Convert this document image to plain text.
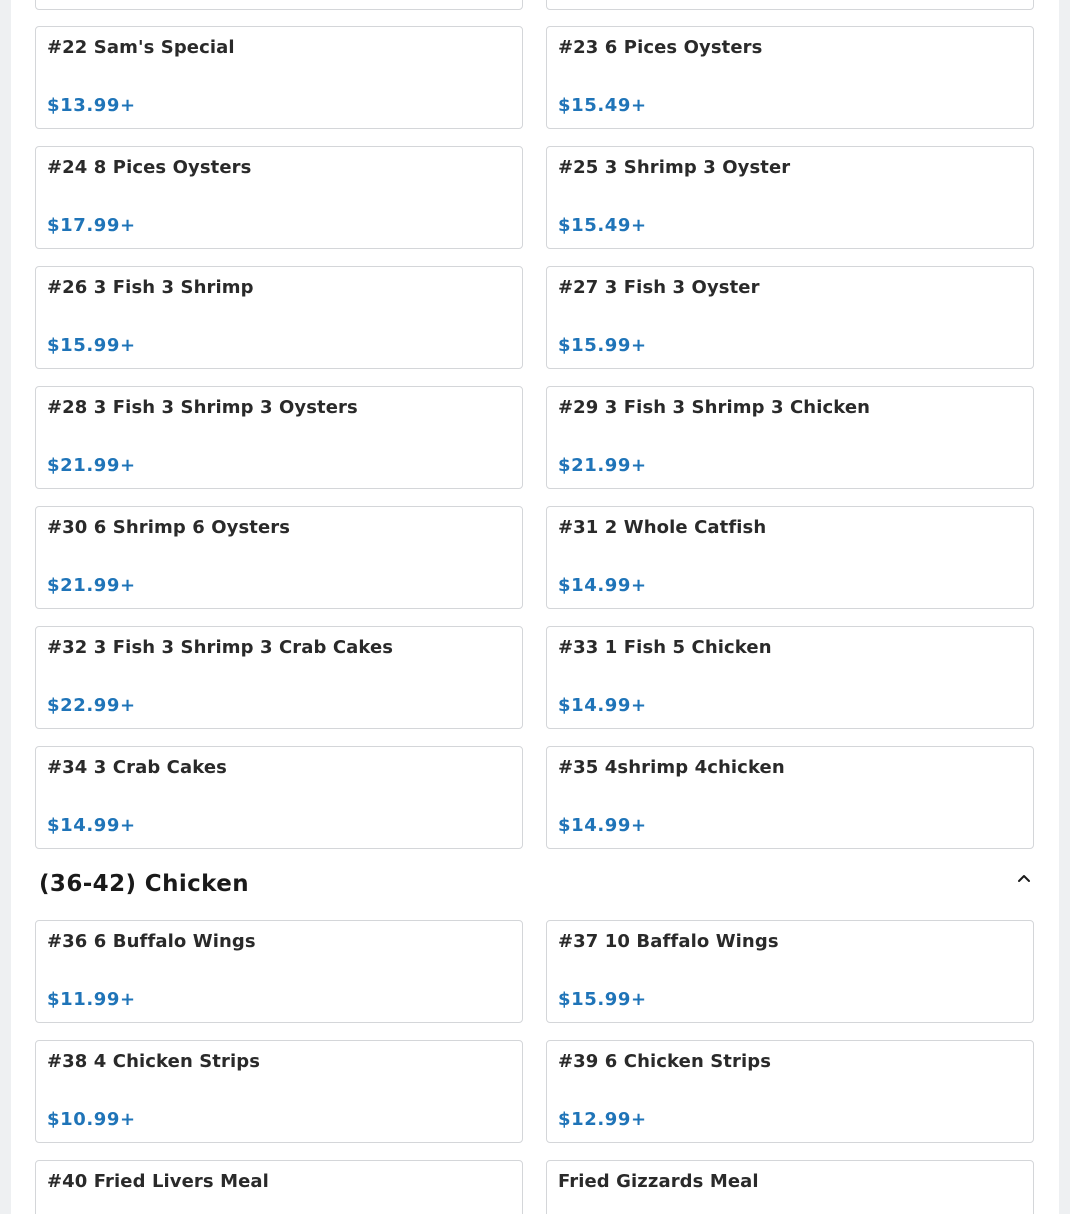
#22 Sam's Special
$13.99+
#23 6 Pices Oysters
$15.49+
#24 8 Pices Oysters
$17.99+
#25 3 Shrimp 3 Oyster
$15.49+
#26 3 Fish 3 Shrimp
$15.99+
#27 3 Fish 3 Oyster
$15.99+
#28 3 Fish 3 Shrimp 3 Oysters
$21.99+
#29 3 Fish 3 Shrimp 3 Chicken
$21.99+
#30 6 Shrimp 6 Oysters
$21.99+
#31 2 Whole Catfish
$14.99+
#32 3 Fish 3 Shrimp 3 Crab Cakes
$22.99+
#33 1 Fish 5 Chicken
$14.99+
#34 3 Crab Cakes
$14.99+
#35 4shrimp 4chicken
$14.99+
(36-42) Chicken
#36 6 Buffalo Wings
$11.99+
#37 10 Baffalo Wings
$15.99+
#38 4 Chicken Strips
$10.99+
#39 6 Chicken Strips
$12.99+
#40 Fried Livers Meal	Fried Gizzards Meal
